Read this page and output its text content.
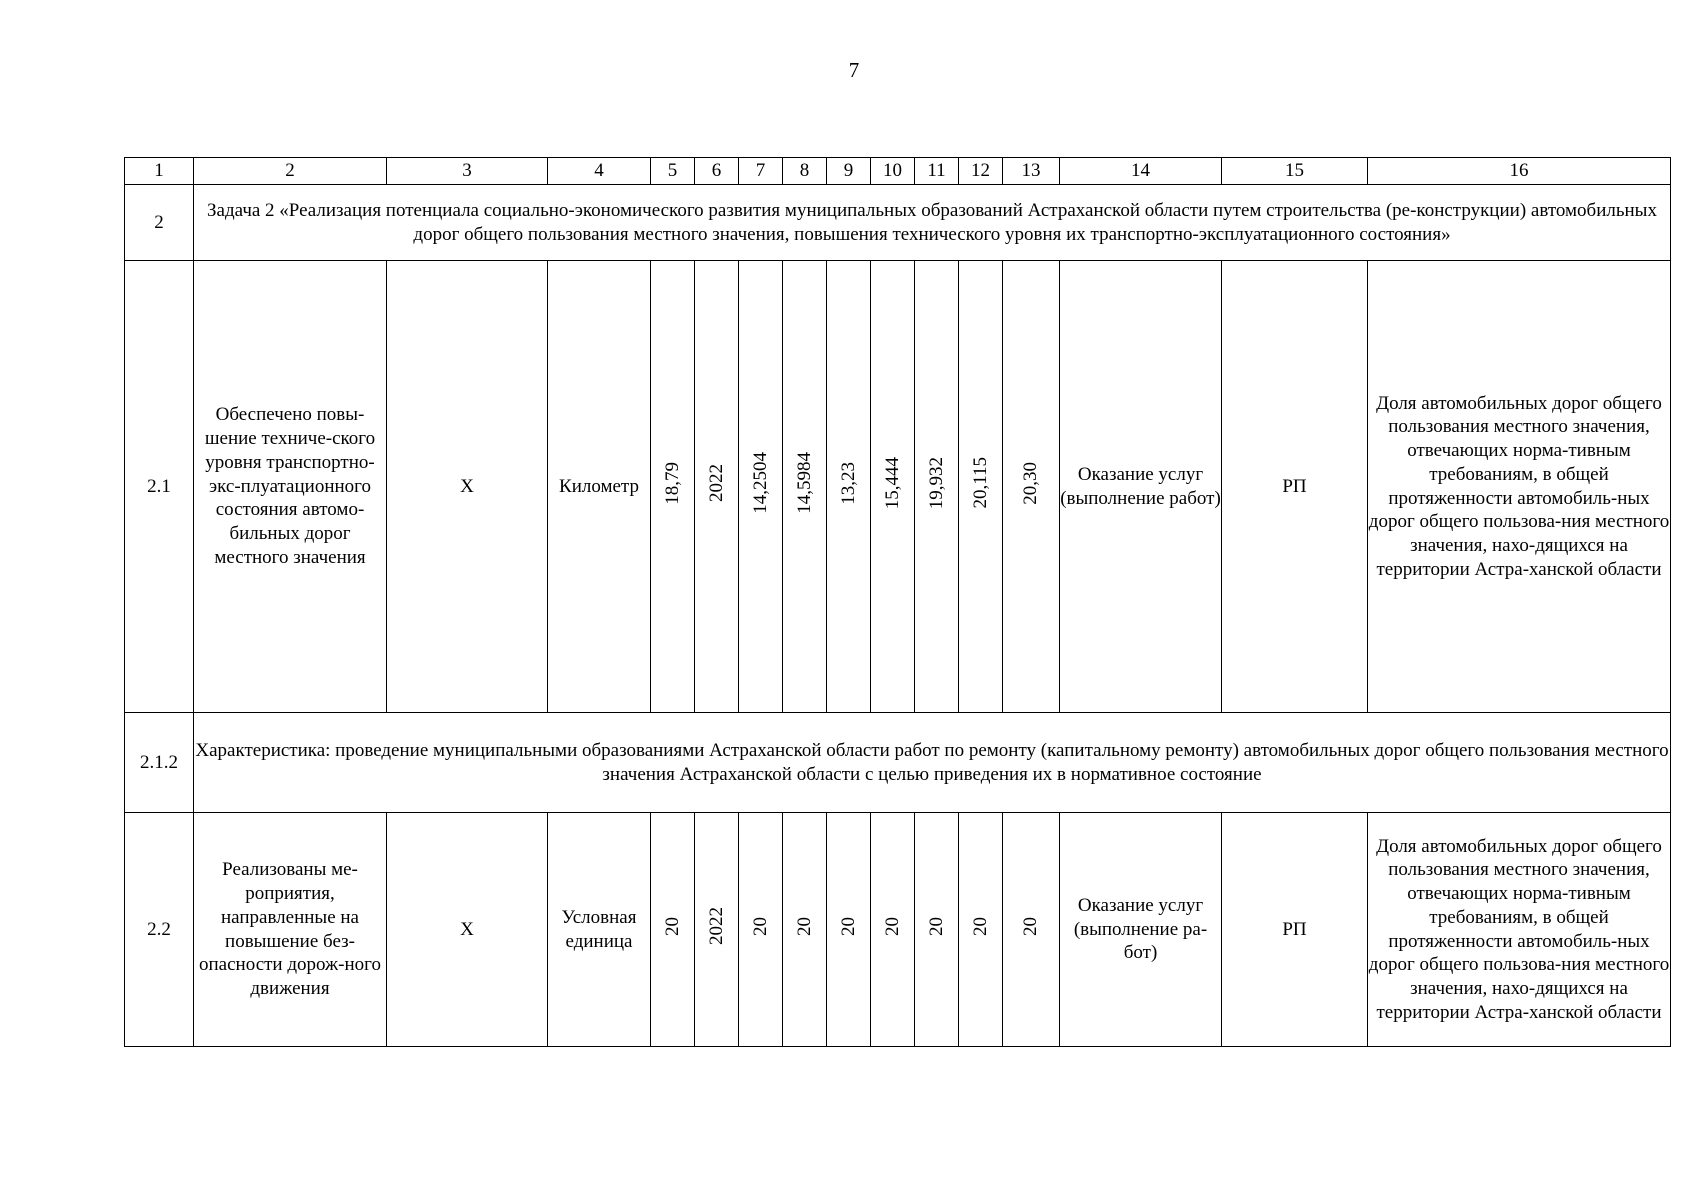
7
1	2	3	4	5	6	7	8	9	10	11	12	13	14	15	16
2	Задача 2 «Реализация потенциала социально-экономического развития муниципальных образований Астраханской области путем строительства (ре-конструкции) автомобильных дорог общего пользования местного значения, повышения технического уровня их транспортно-эксплуатационного состояния»														
2.1	Обеспечено повы-шение техниче-ского уровня транспортно-экс-плуатационного состояния автомо-бильных дорог местного значения	Х	Километр	18,79	2022	14,2504	14,5984	13,23	15,444	19,932	20,115	20,30	Оказание услуг (выполнение работ)	РП	Доля автомобильных дорог общего пользования местного значения, отвечающих норма-тивным требованиям, в общей протяженности автомобиль-ных дорог общего пользова-ния местного значения, нахо-дящихся на территории Астра-ханской области
2.1.2	Характеристика: проведение муниципальными образованиями Астраханской области работ по ремонту (капитальному ремонту) автомобильных дорог общего пользования местного значения Астраханской области с целью приведения их в нормативное состояние														
2.2	Реализованы ме-роприятия, направленные на повышение без-опасности дорож-ного движения	Х	Условная единица	20	2022	20	20	20	20	20	20	20	Оказание услуг (выполнение ра-бот)	РП	Доля автомобильных дорог общего пользования местного значения, отвечающих норма-тивным требованиям, в общей протяженности автомобиль-ных дорог общего пользова-ния местного значения, нахо-дящихся на территории Астра-ханской области
